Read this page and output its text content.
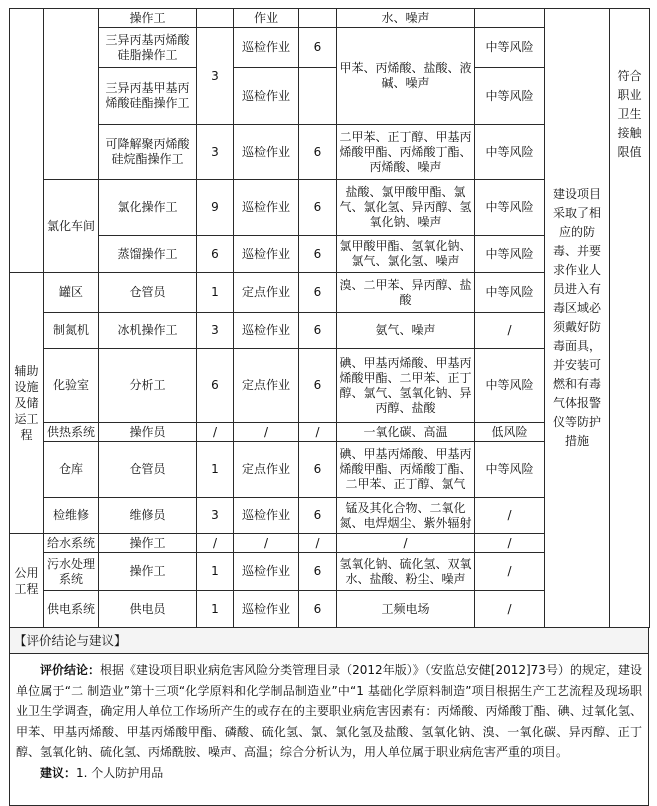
		操作工		作业		水、噪声		建设项目采取了相应的防毒、并要求作业人员进入有毒区域必须戴好防毒面具，并安装可燃和有毒气体报警仪等防护措施	符合职业卫生接触限值
		三异丙基丙烯酸硅脂操作工	3	巡检作业	6	甲苯、丙烯酸、盐酸、液碱、噪声	中等风险		
		三异丙基甲基丙烯酸硅酯操作工		巡检作业			中等风险		
		可降解聚丙烯酸硅烷酯操作工	3	巡检作业	6	二甲苯、正丁醇、甲基丙烯酸甲酯、丙烯酸丁酯、丙烯酸、噪声	中等风险		
	氯化车间	氯化操作工	9	巡检作业	6	盐酸、氯甲酸甲酯、氯气、氯化氢、异丙醇、氢氧化钠、噪声	中等风险		
		蒸馏操作工	6	巡检作业	6	氯甲酸甲酯、氢氧化钠、氯气、氯化氢、噪声	中等风险		
辅助设施及储运工程	罐区	仓管员	1	定点作业	6	溴、二甲苯、异丙醇、盐酸	中等风险		
	制氮机	冰机操作工	3	巡检作业	6	氨气、噪声	/		
	化验室	分析工	6	定点作业	6	碘、甲基丙烯酸、甲基丙烯酸甲酯、二甲苯、正丁醇、氯气、氢氧化钠、异丙醇、盐酸	中等风险		
	供热系统	操作员	/	/	/	一氧化碳、高温	低风险		
	仓库	仓管员	1	定点作业	6	碘、甲基丙烯酸、甲基丙烯酸甲酯、丙烯酸丁酯、二甲苯、正丁醇、氯气	中等风险		
	检维修	维修员	3	巡检作业	6	锰及其化合物、二氧化氮、电焊烟尘、紫外辐射	/		
公用工程	给水系统	操作工	/	/	/	/	/		
	污水处理系统	操作工	1	巡检作业	6	氢氧化钠、硫化氢、双氧水、盐酸、粉尘、噪声	/		
	供电系统	供电员	1	巡检作业	6	工频电场	/		
【评价结论与建议】

评价结论：根据《建设项目职业病危害风险分类管理目录（2012年版）》（安监总安健[2012]73号）的规定，建设单位属于“二 制造业”第十三项“化学原料和化学制品制造业”中“1 基础化学原料制造”项目根据生产工艺流程及现场职业卫生学调查，确定用人单位工作场所产生的或存在的主要职业病危害因素有：丙烯酸、丙烯酸丁酯、碘、过氧化氢、甲苯、甲基丙烯酸、甲基丙烯酸甲酯、磷酸、硫化氢、氯、氯化氢及盐酸、氢氧化钠、溴、一氧化碳、异丙醇、正丁醇、氢氧化钠、硫化氢、丙烯酰胺、噪声、高温；综合分析认为，用人单位属于职业病危害严重的项目。

建议：1. 个人防护用品
